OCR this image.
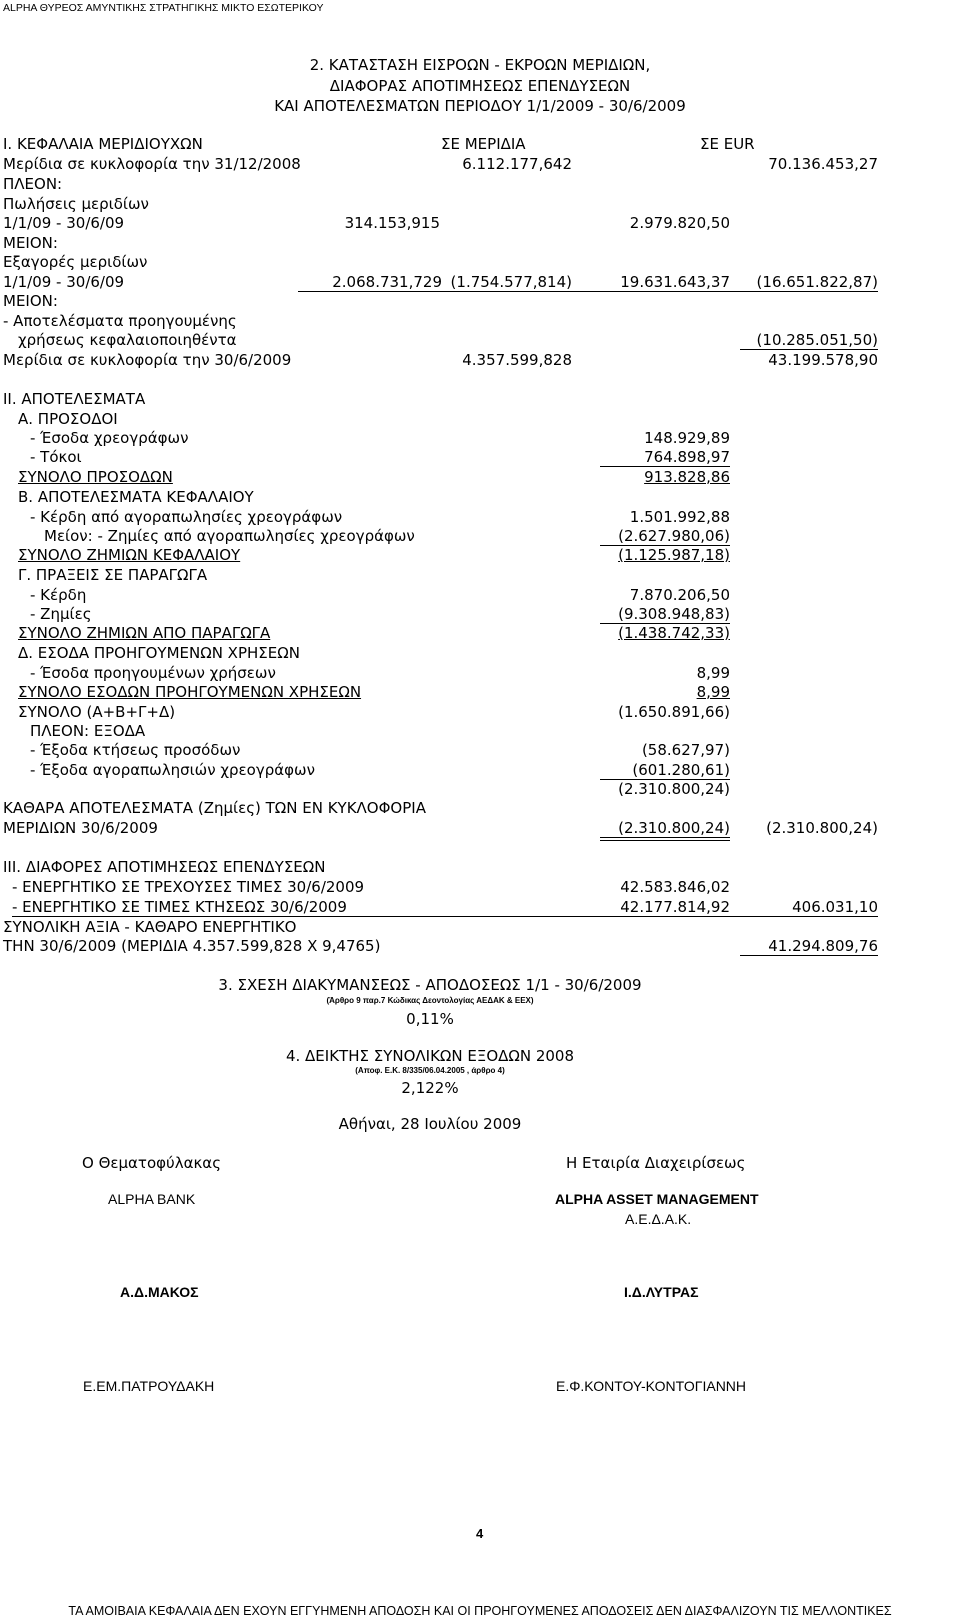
ALPHA ΘΥΡΕΟΣ ΑΜΥΝΤΙΚΗΣ ΣΤΡΑΤΗΓΙΚΗΣ ΜΙΚΤΟ ΕΣΩΤΕΡΙΚΟΥ
2. ΚΑΤΑΣΤΑΣΗ ΕΙΣΡΟΩΝ - ΕΚΡΟΩΝ ΜΕΡΙΔΙΩΝ,
ΔΙΑΦΟΡΑΣ ΑΠΟΤΙΜΗΣΕΩΣ ΕΠΕΝΔΥΣΕΩΝ
ΚΑΙ ΑΠΟΤΕΛΕΣΜΑΤΩΝ ΠΕΡΙΟΔΟΥ 1/1/2009 - 30/6/2009
Ι. ΚΕΦΑΛΑΙΑ ΜΕΡΙΔΙΟΥΧΩΝ	ΣΕ ΜΕΡΙΔΙΑ	ΣΕ EUR
Μερίδια σε κυκλοφορία την 31/12/2008	6.112.177,642	70.136.453,27
ΠΛΕΟΝ:
Πωλήσεις μεριδίων
1/1/09 - 30/6/09	314.153,915	2.979.820,50
ΜΕΙΟΝ:
Εξαγορές μεριδίων
1/1/09 - 30/6/09	2.068.731,729 (1.754.577,814)	19.631.643,37	(16.651.822,87)
ΜΕΙΟΝ:
- Αποτελέσματα προηγουμένης
χρήσεως κεφαλαιοποιηθέντα	(10.285.051,50)
Μερίδια σε κυκλοφορία την 30/6/2009	4.357.599,828	43.199.578,90
ΙΙ. ΑΠΟΤΕΛΕΣΜΑΤΑ
Α. ΠΡΟΣΟΔΟΙ
- Έσοδα χρεογράφων	148.929,89
- Τόκοι	764.898,97
ΣΥΝΟΛΟ ΠΡΟΣΟΔΩΝ	913.828,86
Β. ΑΠΟΤΕΛΕΣΜΑΤΑ ΚΕΦΑΛΑΙΟΥ
- Κέρδη από αγοραπωλησίες χρεογράφων	1.501.992,88
Μείον: - Ζημίες από αγοραπωλησίες χρεογράφων	(2.627.980,06)
ΣΥΝΟΛΟ ΖΗΜΙΩΝ ΚΕΦΑΛΑΙΟΥ	(1.125.987,18)
Γ. ΠΡΑΞΕΙΣ ΣΕ ΠΑΡΑΓΩΓΑ
- Κέρδη	7.870.206,50
- Ζημίες	(9.308.948,83)
ΣΥΝΟΛΟ ΖΗΜΙΩΝ ΑΠΟ ΠΑΡΑΓΩΓΑ	(1.438.742,33)
Δ. ΕΣΟΔΑ ΠΡΟΗΓΟΥΜΕΝΩΝ ΧΡΗΣΕΩΝ
- Έσοδα προηγουμένων χρήσεων	8,99
ΣΥΝΟΛΟ ΕΣΟΔΩΝ ΠΡΟΗΓΟΥΜΕΝΩΝ ΧΡΗΣΕΩΝ	8,99
ΣΥΝΟΛΟ (Α+Β+Γ+Δ)	(1.650.891,66)
ΠΛΕΟΝ: ΕΞΟΔΑ
- Έξοδα κτήσεως προσόδων	(58.627,97)
- Έξοδα αγοραπωλησιών χρεογράφων	(601.280,61)
(2.310.800,24)
ΚΑΘΑΡΑ ΑΠΟΤΕΛΕΣΜΑΤΑ (Ζημίες) ΤΩΝ ΕΝ ΚΥΚΛΟΦΟΡΙΑ
ΜΕΡΙΔΙΩΝ 30/6/2009	(2.310.800,24)	(2.310.800,24)
ΙΙΙ. ΔΙΑΦΟΡΕΣ ΑΠΟΤΙΜΗΣΕΩΣ ΕΠΕΝΔΥΣΕΩΝ
- ΕΝΕΡΓΗΤΙΚΟ ΣΕ ΤΡΕΧΟΥΣΕΣ ΤΙΜΕΣ 30/6/2009	42.583.846,02
- ΕΝΕΡΓΗΤΙΚΟ ΣΕ ΤΙΜΕΣ ΚΤΗΣΕΩΣ 30/6/2009	42.177.814,92	406.031,10
ΣΥΝΟΛΙΚΗ ΑΞΙΑ - ΚΑΘΑΡΟ ΕΝΕΡΓΗΤΙΚΟ
ΤΗΝ 30/6/2009 (ΜΕΡΙΔΙΑ 4.357.599,828 Χ 9,4765)	41.294.809,76
3. ΣΧΕΣΗ ΔΙΑΚΥΜΑΝΣΕΩΣ - ΑΠΟΔΟΣΕΩΣ 1/1 - 30/6/2009
(Άρθρο 9 παρ.7 Κώδικας Δεοντολογίας ΑΕΔΑΚ & ΕΕΧ)
0,11%
4. ΔΕΙΚΤΗΣ ΣΥΝΟΛΙΚΩΝ ΕΞΟΔΩΝ 2008
(Αποφ. Ε.Κ. 8/335/06.04.2005 , άρθρο 4)
2,122%
Αθήναι, 28 Ιουλίου 2009
Ο Θεματοφύλακας	Η Εταιρία Διαχειρίσεως
ALPHA BANK	ALPHA ASSET MANAGEMENT
Α.Ε.Δ.Α.Κ.
Α.Δ.ΜΑΚΟΣ	Ι.Δ.ΛΥΤΡΑΣ
Ε.ΕΜ.ΠΑΤΡΟΥΔΑΚΗ	Ε.Φ.ΚΟΝΤΟΥ-ΚΟΝΤΟΓΙΑΝΝΗ
4
ΤΑ ΑΜΟΙΒΑΙΑ ΚΕΦΑΛΑΙΑ ΔΕΝ ΕΧΟΥΝ ΕΓΓΥΗΜΕΝΗ ΑΠΟΔΟΣΗ ΚΑΙ ΟΙ ΠΡΟΗΓΟΥΜΕΝΕΣ ΑΠΟΔΟΣΕΙΣ ΔΕΝ ΔΙΑΣΦΑΛΙΖΟΥΝ ΤΙΣ ΜΕΛΛΟΝΤΙΚΕΣ
